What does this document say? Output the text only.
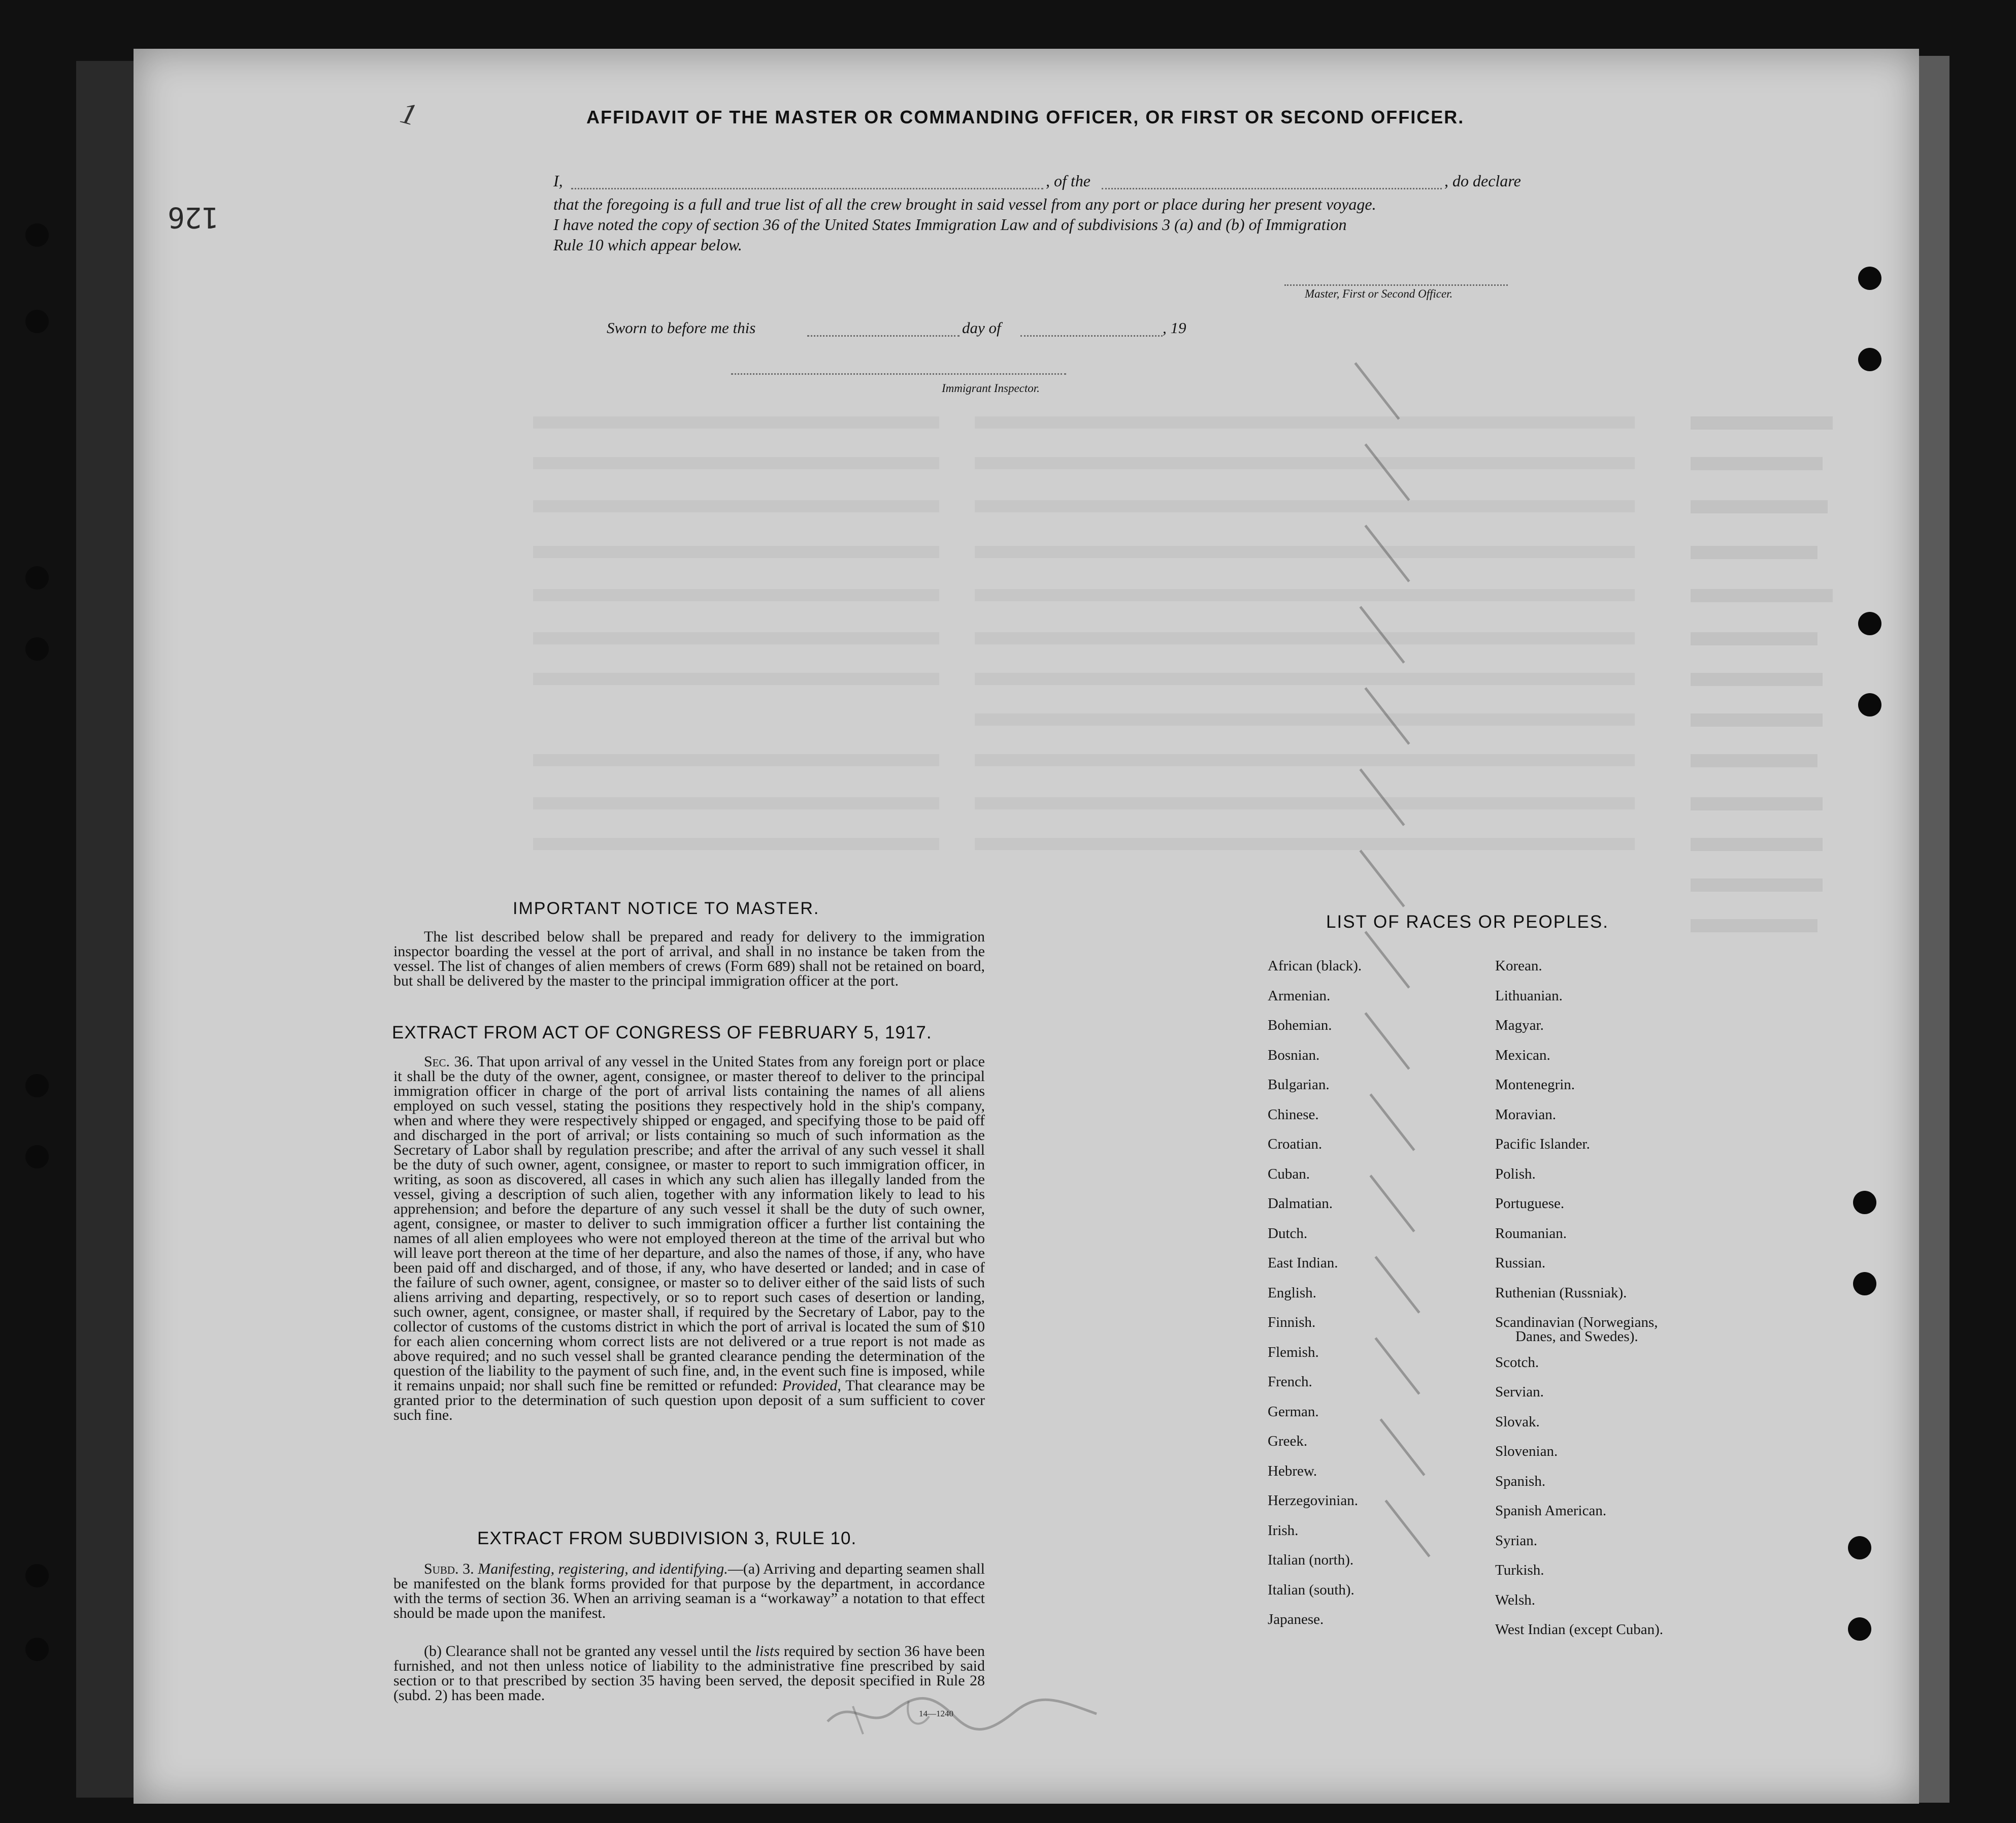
1
126
AFFIDAVIT OF THE MASTER OR COMMANDING OFFICER, OR FIRST OR SECOND OFFICER.
I,	, of the	, do declare
that the foregoing is a full and true list of all the crew brought in said vessel from any port or place during her present voyage.
I have noted the copy of section 36 of the United States Immigration Law and of subdivisions 3 (a) and (b) of Immigration
Rule 10 which appear below.
Master, First or Second Officer.
Sworn to before me this	day of	, 19
Immigrant Inspector.
IMPORTANT NOTICE TO MASTER.
The list described below shall be prepared and ready for delivery to the immigration inspector boarding the vessel at the port of arrival, and shall in no instance be taken from the vessel. The list of changes of alien members of crews (Form 689) shall not be retained on board, but shall be delivered by the master to the principal immigration officer at the port.
EXTRACT FROM ACT OF CONGRESS OF FEBRUARY 5, 1917.
Sec. 36. That upon arrival of any vessel in the United States from any foreign port or place it shall be the duty of the owner, agent, consignee, or master thereof to deliver to the principal immigration officer in charge of the port of arrival lists containing the names of all aliens employed on such vessel, stating the positions they respectively hold in the ship's company, when and where they were respectively shipped or engaged, and specifying those to be paid off and discharged in the port of arrival; or lists containing so much of such information as the Secretary of Labor shall by regulation prescribe; and after the arrival of any such vessel it shall be the duty of such owner, agent, consignee, or master to report to such immigration officer, in writing, as soon as discovered, all cases in which any such alien has illegally landed from the vessel, giving a description of such alien, together with any information likely to lead to his apprehension; and before the departure of any such vessel it shall be the duty of such owner, agent, consignee, or master to deliver to such immigration officer a further list containing the names of all alien employees who were not employed thereon at the time of the arrival but who will leave port thereon at the time of her departure, and also the names of those, if any, who have been paid off and discharged, and of those, if any, who have deserted or landed; and in case of the failure of such owner, agent, consignee, or master so to deliver either of the said lists of such aliens arriving and departing, respectively, or so to report such cases of desertion or landing, such owner, agent, consignee, or master shall, if required by the Secretary of Labor, pay to the collector of customs of the customs district in which the port of arrival is located the sum of $10 for each alien concerning whom correct lists are not delivered or a true report is not made as above required; and no such vessel shall be granted clearance pending the determination of the question of the liability to the payment of such fine, and, in the event such fine is imposed, while it remains unpaid; nor shall such fine be remitted or refunded: Provided, That clearance may be granted prior to the determination of such question upon deposit of a sum sufficient to cover such fine.
EXTRACT FROM SUBDIVISION 3, RULE 10.
Subd. 3. Manifesting, registering, and identifying.—(a) Arriving and departing seamen shall be manifested on the blank forms provided for that purpose by the department, in accordance with the terms of section 36. When an arriving seaman is a “workaway” a notation to that effect should be made upon the manifest.
(b) Clearance shall not be granted any vessel until the lists required by section 36 have been furnished, and not then unless notice of liability to the administrative fine prescribed by said section or to that prescribed by section 35 having been served, the deposit specified in Rule 28 (subd. 2) has been made.
14—1240
LIST OF RACES OR PEOPLES.
African (black).
Armenian.
Bohemian.
Bosnian.
Bulgarian.
Chinese.
Croatian.
Cuban.
Dalmatian.
Dutch.
East Indian.
English.
Finnish.
Flemish.
French.
German.
Greek.
Hebrew.
Herzegovinian.
Irish.
Italian (north).
Italian (south).
Japanese.
Korean.
Lithuanian.
Magyar.
Mexican.
Montenegrin.
Moravian.
Pacific Islander.
Polish.
Portuguese.
Roumanian.
Russian.
Ruthenian (Russniak).
Scandinavian (Norwegians,
Scotch.
Servian.
Slovak.
Slovenian.
Spanish.
Spanish American.
Syrian.
Turkish.
Welsh.
West Indian (except Cuban).
Danes, and Swedes).
